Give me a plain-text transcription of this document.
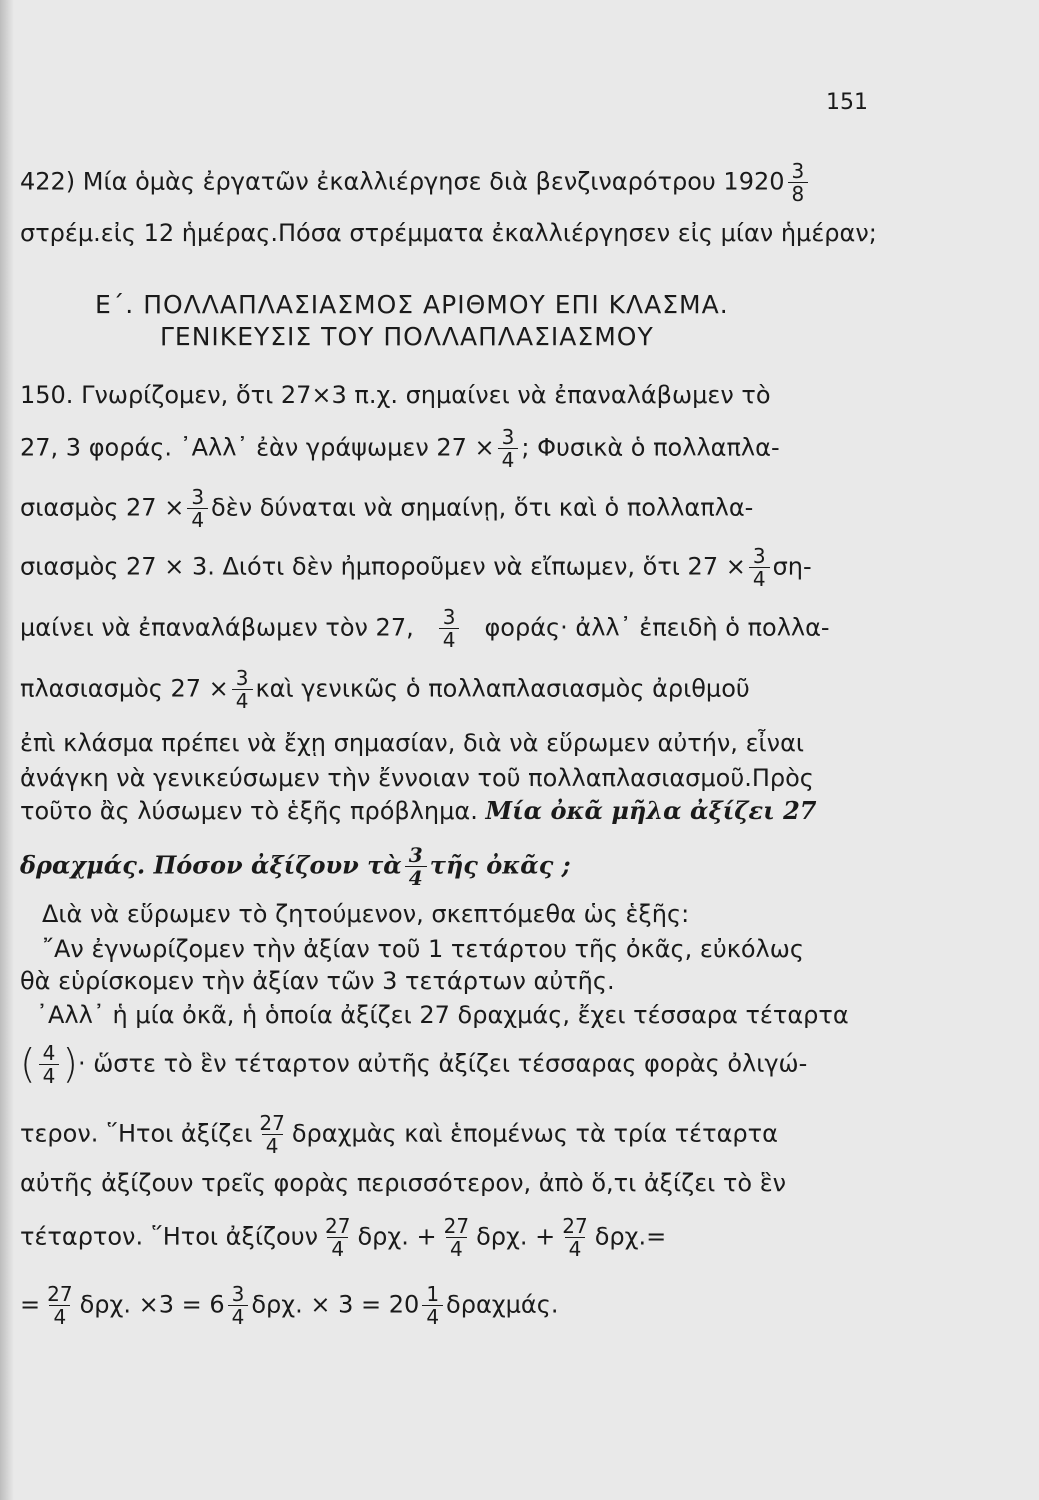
151
422) Μία ὁμὰς ἐργατῶν ἐκαλλιέργησε διὰ βενζιναρότρου $1920 \frac{3}{8}$
στρέμ.εἰς 12 ἡμέρας.Πόσα στρέμματα ἐκαλλιέργησεν εἰς μίαν ἡμέραν;
Ε΄. ΠΟΛΛΑΠΛΑΣΙΑΣΜΟΣ ΑΡΙΘΜΟΥ ΕΠΙ ΚΛΑΣΜΑ.
ΓΕΝΙΚΕΥΣΙΣ ΤΟΥ ΠΟΛΛΑΠΛΑΣΙΑΣΜΟΥ
150. Γνωρίζομεν, ὅτι 27×3 π.χ. σημαίνει νὰ ἐπαναλάβωμεν τὸ
27, 3 φοράς. ᾽Αλλ᾽ ἐὰν γράψωμεν $27 \times \frac{3}{4}$ ; Φυσικὰ ὁ πολλαπλα-
σιασμὸς $27 \times \frac{3}{4}$ δὲν δύναται νὰ σημαίνῃ, ὅτι καὶ ὁ πολλαπλα-
σιασμὸς 27 × 3. Διότι δὲν ἠμποροῦμεν νὰ εἴπωμεν, ὅτι $27 \times \frac{3}{4} \sigma\eta-$
μαίνει νὰ ἐπαναλάβωμεν τὸν 27, $\frac{3}{4} \varphi o\rho ά\varsigma\cdot$ ἀλλ᾽ ἐπειδὴ ὁ πολλα-
πλασιασμὸς $27 \times \frac{3}{4}$ καὶ γενικῶς ὁ πολλαπλασιασμὸς ἀριθμοῦ
ἐπὶ κλάσμα πρέπει νὰ ἔχῃ σημασίαν, διὰ νὰ εὕρωμεν αὐτήν, εἶναι
ἀνάγκη νὰ γενικεύσωμεν τὴν ἔννοιαν τοῦ πολλαπλασιασμοῦ.Πρὸς
τοῦτο ἂς λύσωμεν τὸ ἑξῆς πρόβλημα. Μία ὀκᾶ μῆλα ἀξίζει 27
δραχμάς. Πόσον ἀξίζουν τὰ $\frac{3}{4}$ τῆς ὀκᾶς ;
Διὰ νὰ εὕρωμεν τὸ ζητούμενον, σκεπτόμεθα ὡς ἑξῆς:
῎Αν ἐγνωρίζομεν τὴν ἀξίαν τοῦ 1 τετάρτου τῆς ὀκᾶς, εὐκόλως
θὰ εὑρίσκομεν τὴν ἀξίαν τῶν 3 τετάρτων αὐτῆς.
᾽Αλλ᾽ ἡ μία ὀκᾶ, ἡ ὁποία ἀξίζει 27 δραχμάς, ἔχει τέσσαρα τέταρτα
( $\frac{4}{4}$ )· ὥστε τὸ ἓν τέταρτον αὐτῆς ἀξίζει τέσσαρας φορὰς ὀλιγώ-
τερον. ῞Ητοι ἀξίζει $\frac{27}{4}$ δραχμὰς καὶ ἑπομένως τὰ τρία τέταρτα
αὐτῆς ἀξίζουν τρεῖς φορὰς περισσότερον, ἀπὸ ὅ,τι ἀξίζει τὸ ἓν
τέταρτον. ῞Ητοι ἀξίζουν $\frac{27}{4} \delta\rho\chi$. + $\frac{27}{4} \delta\rho\chi$. + $\frac{27}{4} \delta\rho\chi.=$
= $\frac{27}{4} \delta\rho\chi$. $\times 3 = 6 \frac{3}{4} \delta\rho\chi$. × $3 = 20 \frac{1}{4} \delta\rho\alpha\chi\mu ά\varsigma$.
